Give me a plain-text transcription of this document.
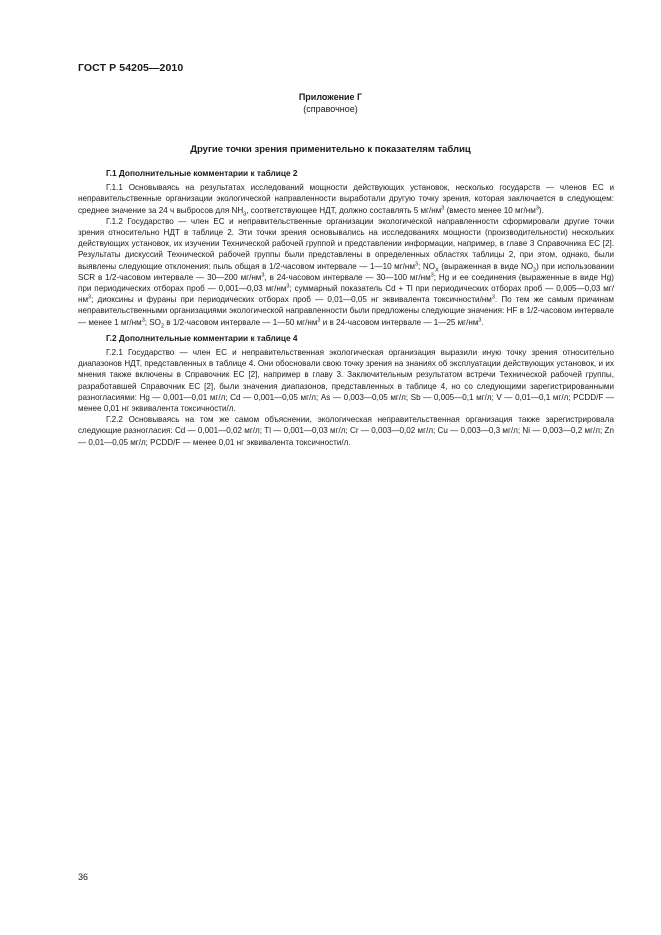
ГОСТ Р 54205—2010
Приложение Г
(справочное)
Другие точки зрения применительно к показателям таблиц
Г.1 Дополнительные комментарии к таблице 2

Г.1.1 Основываясь на результатах исследований мощности действующих установок, несколько государств — членов ЕС и неправительственные организации экологической направленности выработали другую точку зрения, которая заключается в следующем: среднее значение за 24 ч выбросов для $NH_3$, соответствующее НДТ, должно составлять 5 $мг/нм^3$ (вместо менее 10 $мг/нм^3$).

Г.1.2 Государство — член ЕС и неправительственные организации экологической направленности сформировали другие точки зрения относительно НДТ в таблице 2. Эти точки зрения основывались на исследованиях мощности (производительности) нескольких действующих установок, их изучении Технической рабочей группой и представлении информации, например, в главе 3 Справочника ЕС [2]. Результаты дискуссий Технической рабочей группы были представлены в определенных областях таблицы 2, при этом, однако, были выявлены следующие отклонения: пыль общая в 1/2-часовом интервале — 1—10 $мг/нм^3$; $NO_X$ (выраженная в виде $NO_2$) при использовании SCR в 1/2-часовом интервале — 30—200 $мг/нм^3$, в 24-часовом интервале — 30—100 $мг/нм^3$; Hg и ее соединения (выраженные в виде Hg) при периодических отборах проб — 0,001—0,03 $мг/нм^3$; суммарный показатель Cd + Tl при периодических отборах проб — 0,005—0,03 $мг/нм^3$; диоксины и фураны при периодических отборах проб — 0,01—0,05 нг эквивалента токсичности/$нм^3$. По тем же самым причинам неправительственными организациями экологической направленности были предложены следующие значения: HF в 1/2-часовом интервале — менее 1 $мг/нм^3$; $SO_2$ в 1/2-часовом интервале — 1—50 $мг/нм^3$ и в 24-часовом интервале — 1—25 $мг/нм^3$.

Г.2 Дополнительные комментарии к таблице 4

Г.2.1 Государство — член ЕС и неправительственная экологическая организация выразили иную точку зрения относительно диапазонов НДТ, представленных в таблице 4. Они обосновали свою точку зрения на знаниях об эксплуатации действующих установок, и их мнения также включены в Справочник ЕС [2], например в главу 3. Заключительным результатом встречи Технической рабочей группы, разработавшей Справочник ЕС [2], были значения диапазонов, представленных в таблице 4, но со следующими зарегистрированными разногласиями: Hg — 0,001—0,01 мг/л; Cd — 0,001—0,05 мг/л; As — 0,003—0,05 мг/л; Sb — 0,005—0,1 мг/л; V — 0,01—0,1 мг/л; PCDD/F — менее 0,01 нг эквивалента токсичности/л.

Г.2.2 Основываясь на том же самом объяснении, экологическая неправительственная организация также зарегистрировала следующие разногласия: Cd — 0,001—0,02 мг/л; Tl — 0,001—0,03 мг/л; Cr — 0,003—0,02 мг/л; Cu — 0,003—0,3 мг/л; Ni — 0,003—0,2 мг/л; Zn — 0,01—0,05 мг/л; PCDD/F — менее 0,01 нг эквивалента токсичности/л.

36
